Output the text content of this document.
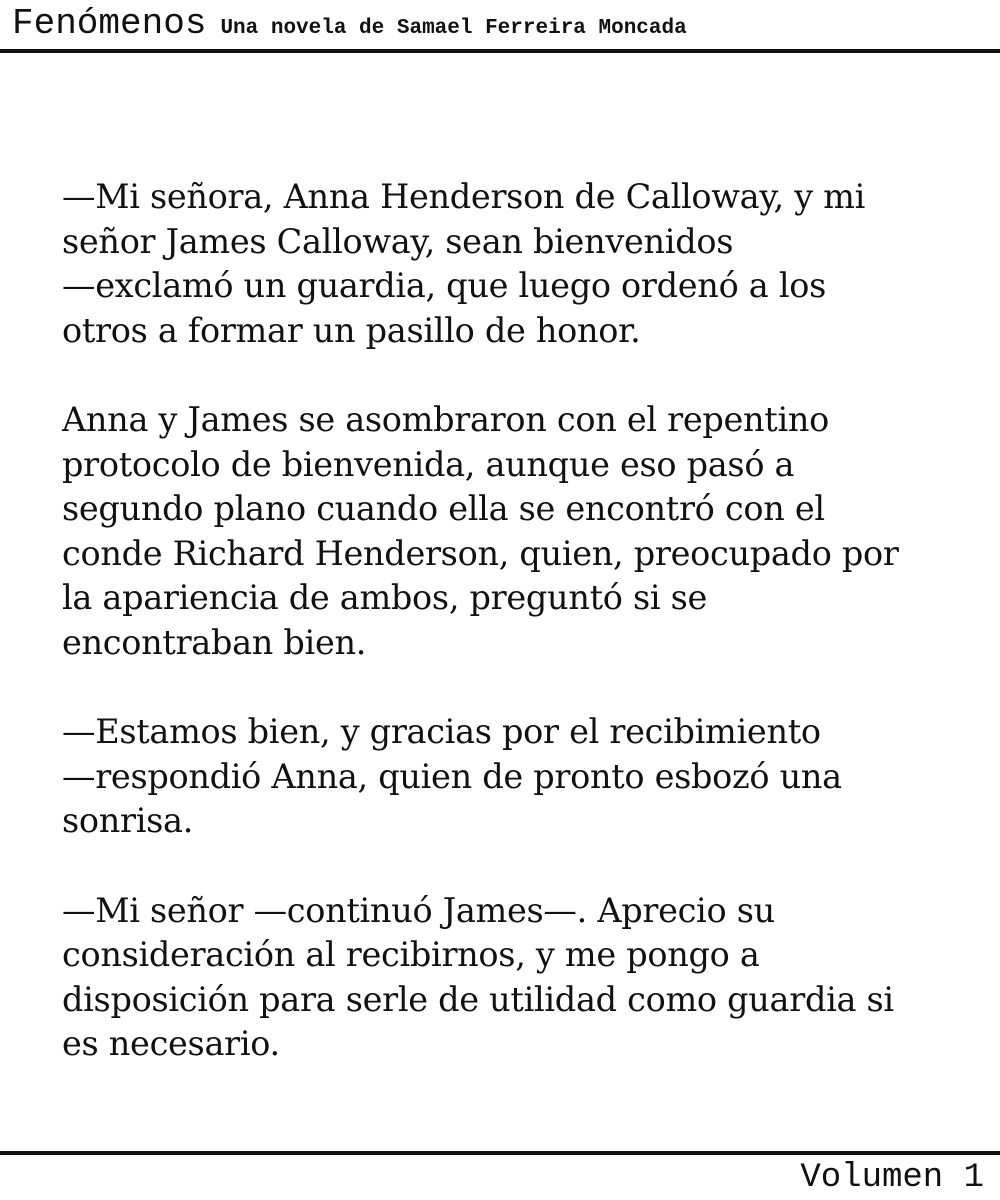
Fenómenos Una novela de Samael Ferreira Moncada

—Mi señora, Anna Henderson de Calloway, y mi
señor James Calloway, sean bienvenidos
—exclamó un guardia, que luego ordenó a los
otros a formar un pasillo de honor.

Anna y James se asombraron con el repentino
protocolo de bienvenida, aunque eso pasó a
segundo plano cuando ella se encontró con el
conde Richard Henderson, quien, preocupado por
la apariencia de ambos, preguntó si se
encontraban bien.

—Estamos bien, y gracias por el recibimiento
—respondió Anna, quien de pronto esbozó una
sonrisa.

—Mi señor —continuó James—. Aprecio su
consideración al recibirnos, y me pongo a
disposición para serle de utilidad como guardia si
es necesario.

Volumen 1
